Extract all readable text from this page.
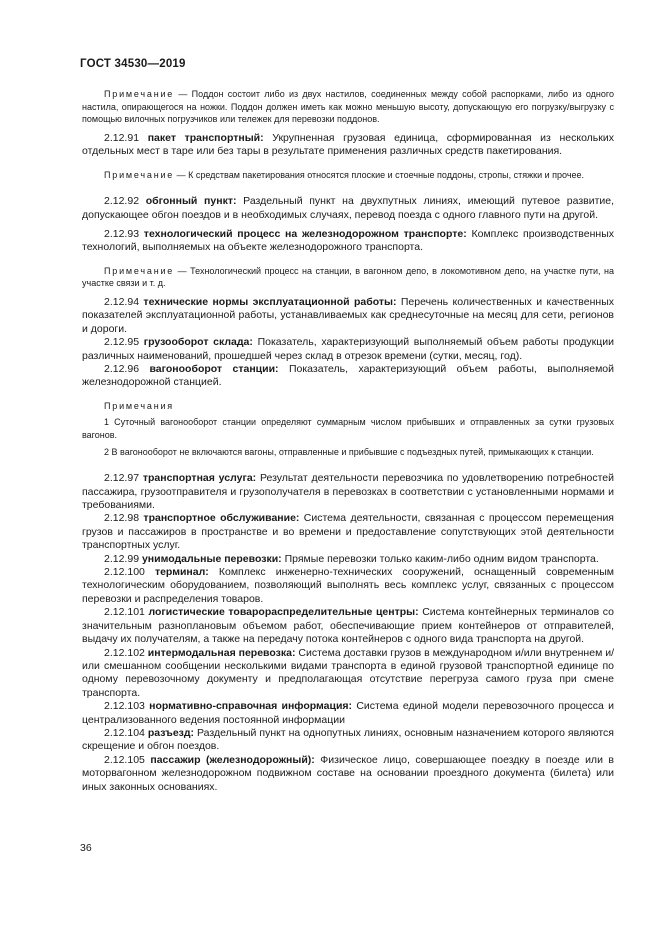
ГОСТ 34530—2019
Примечание — Поддон состоит либо из двух настилов, соединенных между собой распорками, либо из одного настила, опирающегося на ножки. Поддон должен иметь как можно меньшую высоту, допускающую его погрузку/выгрузку с помощью вилочных погрузчиков или тележек для перевозки поддонов.

2.12.91 пакет транспортный: Укрупненная грузовая единица, сформированная из нескольких отдельных мест в таре или без тары в результате применения различных средств пакетирования.

Примечание — К средствам пакетирования относятся плоские и стоечные поддоны, стропы, стяжки и прочее.

2.12.92 обгонный пункт: Раздельный пункт на двухпутных линиях, имеющий путевое развитие, допускающее обгон поездов и в необходимых случаях, перевод поезда с одного главного пути на другой.

2.12.93 технологический процесс на железнодорожном транспорте: Комплекс производственных технологий, выполняемых на объекте железнодорожного транспорта.

Примечание — Технологический процесс на станции, в вагонном депо, в локомотивном депо, на участке пути, на участке связи и т. д.

2.12.94 технические нормы эксплуатационной работы: Перечень количественных и качественных показателей эксплуатационной работы, устанавливаемых как среднесуточные на месяц для сети, регионов и дороги.

2.12.95 грузооборот склада: Показатель, характеризующий выполняемый объем работы продукции различных наименований, прошедшей через склад в отрезок времени (сутки, месяц, год).

2.12.96 вагонооборот станции: Показатель, характеризующий объем работы, выполняемой железнодорожной станцией.

Примечания

1 Суточный вагонооборот станции определяют суммарным числом прибывших и отправленных за сутки грузовых вагонов.

2 В вагонооборот не включаются вагоны, отправленные и прибывшие с подъездных путей, примыкающих к станции.

2.12.97 транспортная услуга: Результат деятельности перевозчика по удовлетворению потребностей пассажира, грузоотправителя и грузополучателя в перевозках в соответствии с установленными нормами и требованиями.

2.12.98 транспортное обслуживание: Система деятельности, связанная с процессом перемещения грузов и пассажиров в пространстве и во времени и предоставление сопутствующих этой деятельности транспортных услуг.

2.12.99 унимодальные перевозки: Прямые перевозки только каким-либо одним видом транспорта.

2.12.100 терминал: Комплекс инженерно-технических сооружений, оснащенный современным технологическим оборудованием, позволяющий выполнять весь комплекс услуг, связанных с процессом перевозки и распределения товаров.

2.12.101 логистические товарораспределительные центры: Система контейнерных терминалов со значительным разноплановым объемом работ, обеспечивающие прием контейнеров от отправителей, выдачу их получателям, а также на передачу потока контейнеров с одного вида транспорта на другой.

2.12.102 интермодальная перевозка: Система доставки грузов в международном и/или внутреннем и/или смешанном сообщении несколькими видами транспорта в единой грузовой транспортной единице по одному перевозочному документу и предполагающая отсутствие перегруза самого груза при смене транспорта.

2.12.103 нормативно-справочная информация: Система единой модели перевозочного процесса и централизованного ведения постоянной информации

2.12.104 разъезд: Раздельный пункт на однопутных линиях, основным назначением которого являются скрещение и обгон поездов.

2.12.105 пассажир (железнодорожный): Физическое лицо, совершающее поездку в поезде или в моторвагонном железнодорожном подвижном составе на основании проездного документа (билета) или иных законных основаниях.

36
